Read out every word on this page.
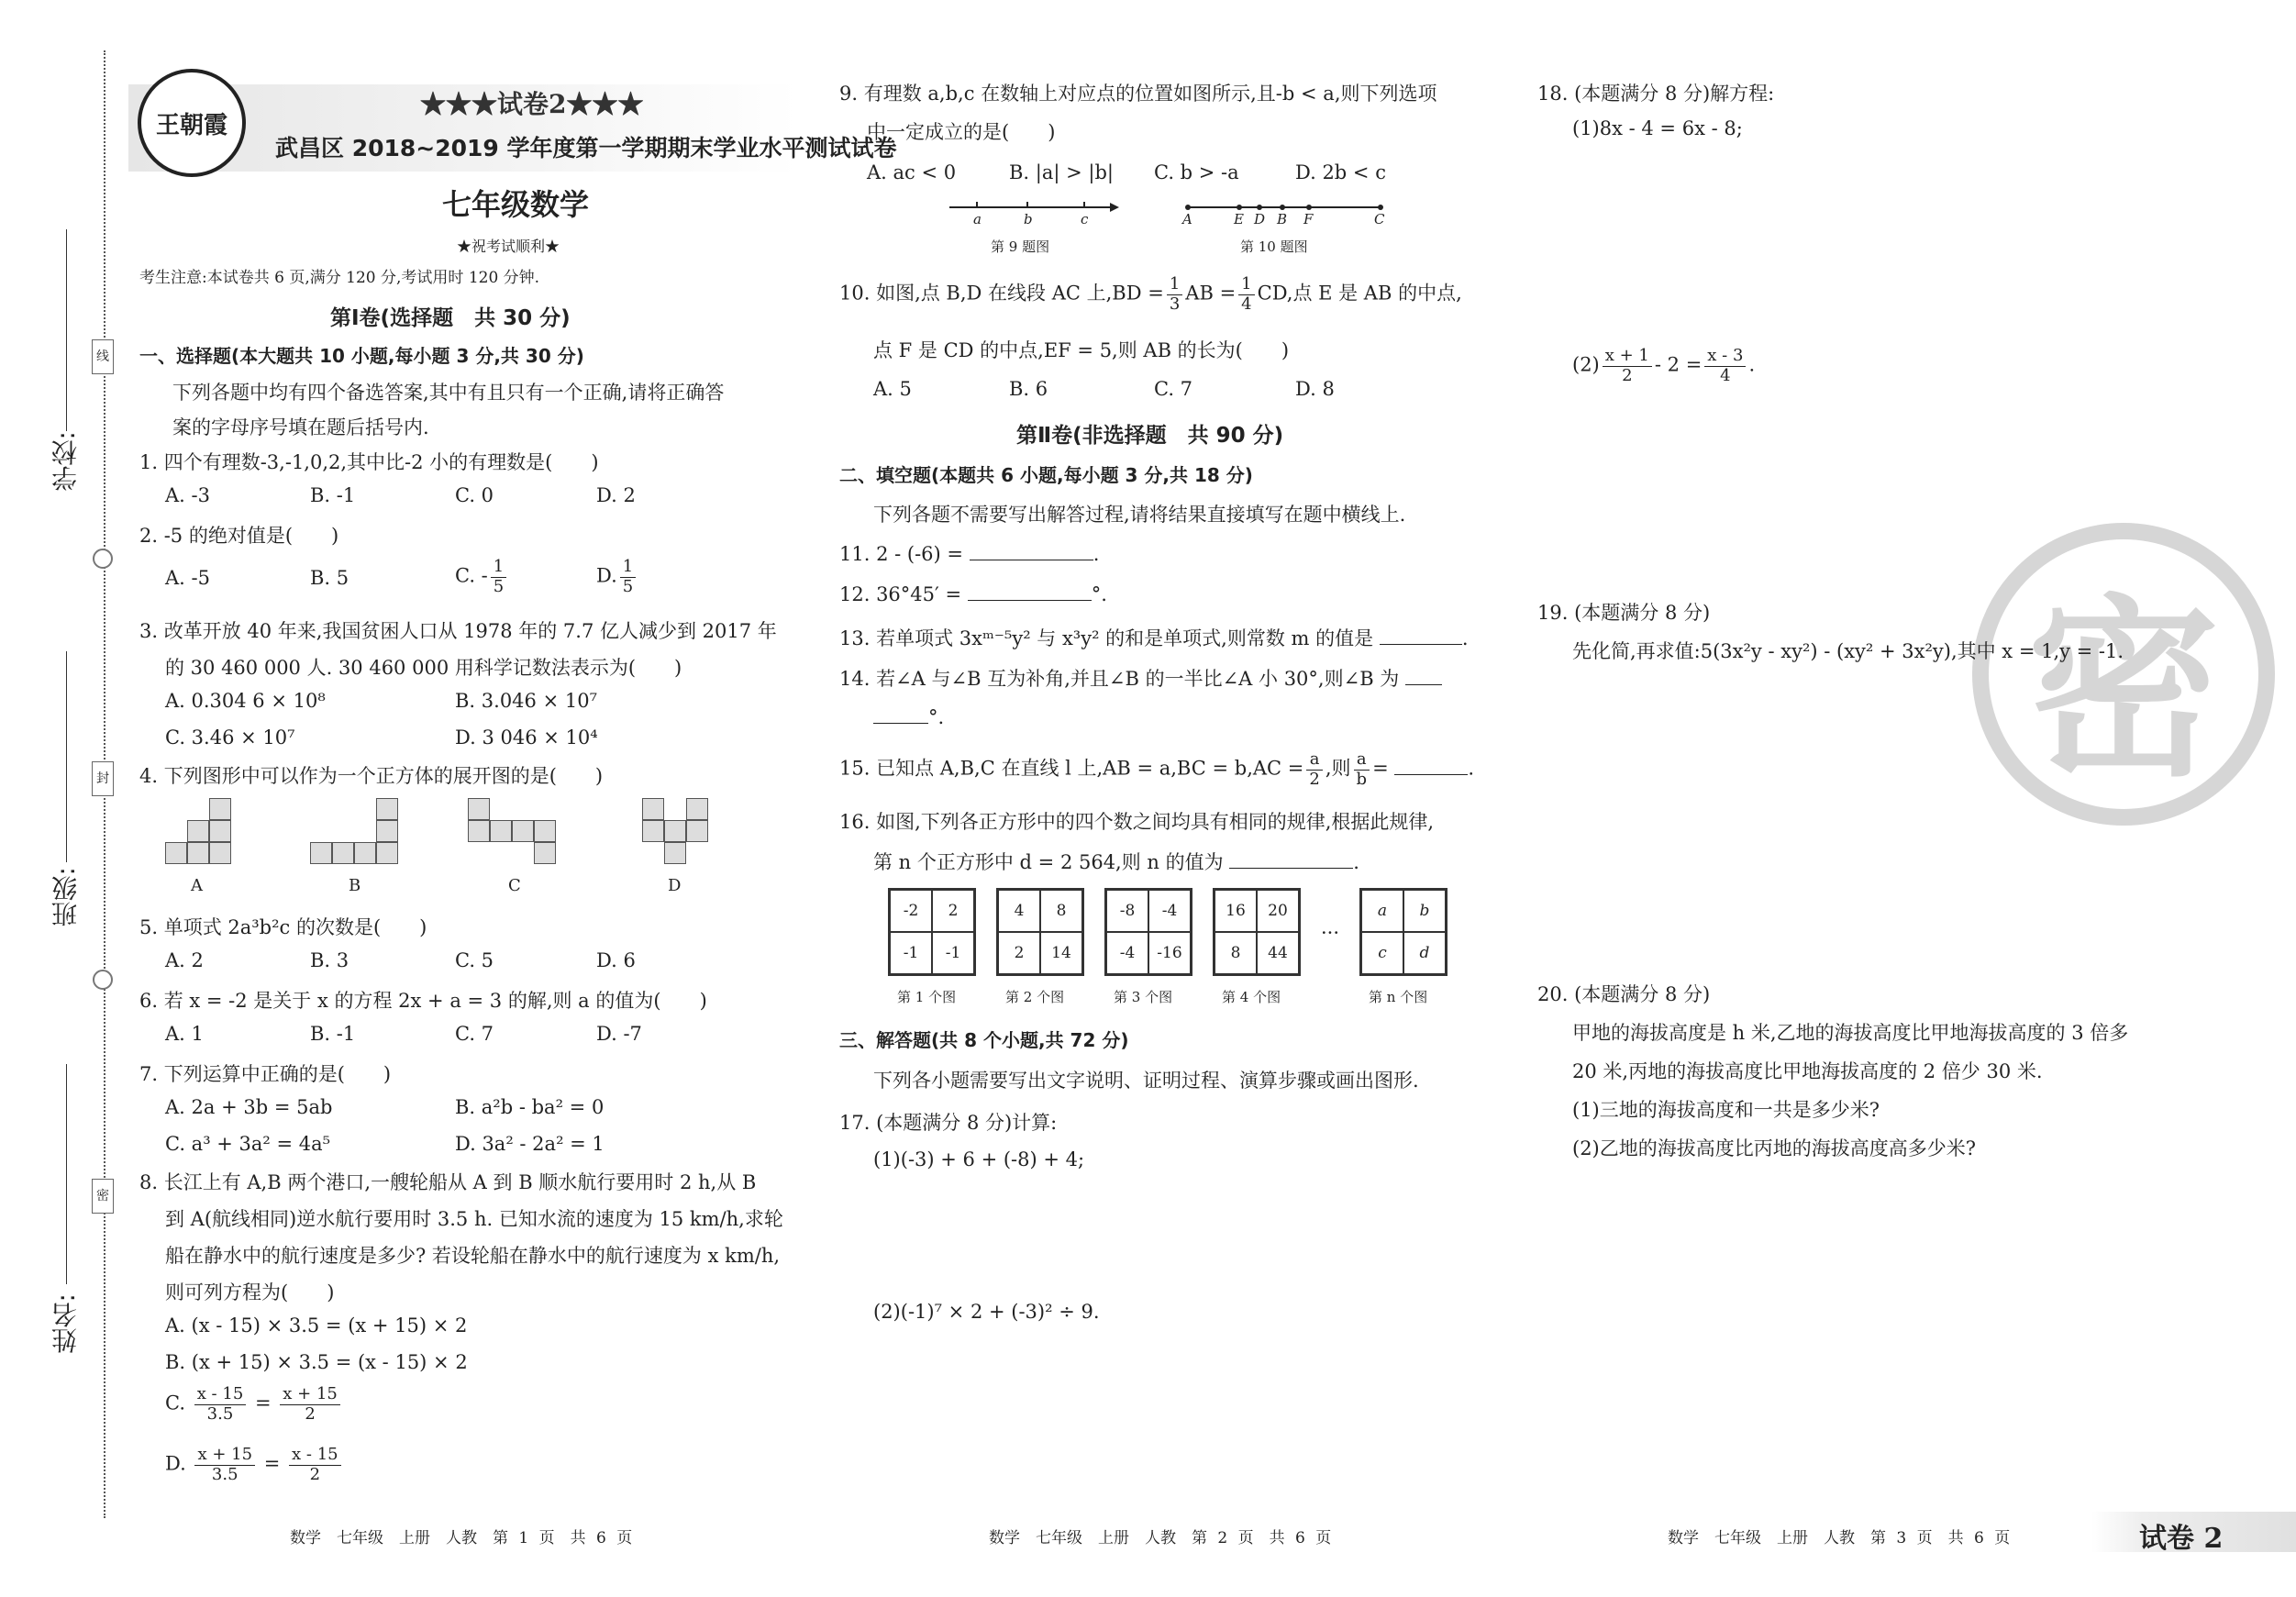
线
封
密
学校:
班级:
姓名:
王朝霞
★★★试卷2★★★
武昌区 2018~2019 学年度第一学期期末学业水平测试试卷
七年级数学
★祝考试顺利★
考生注意:本试卷共 6 页,满分 120 分,考试用时 120 分钟.
第Ⅰ卷(选择题　共 30 分)
一、选择题(本大题共 10 小题,每小题 3 分,共 30 分)
下列各题中均有四个备选答案,其中有且只有一个正确,请将正确答
案的字母序号填在题后括号内.
1. 四个有理数-3,-1,0,2,其中比-2 小的有理数是(　　)
A. -3	B. -1	C. 0	D. 2
2. -5 的绝对值是(　　)
A. -5	B. 5	C. - $\frac{1}{5}$	D. $\frac{1}{5}$
3. 改革开放 40 年来,我国贫困人口从 1978 年的 7.7 亿人减少到 2017 年
的 30 460 000 人. 30 460 000 用科学记数法表示为(　　)
A. 0.304 6 × 10⁸	B. 3.046 × 10⁷
C. 3.46 × 10⁷	D. 3 046 × 10⁴
4. 下列图形中可以作为一个正方体的展开图的是(　　)
A	B	C	D
5. 单项式 2a³b²c 的次数是(　　)
A. 2	B. 3	C. 5	D. 6
6. 若 x = -2 是关于 x 的方程 2x + a = 3 的解,则 a 的值为(　　)
A. 1	B. -1	C. 7	D. -7
7. 下列运算中正确的是(　　)
A. 2a + 3b = 5ab	B. a²b - ba² = 0
C. a³ + 3a² = 4a⁵	D. 3a² - 2a² = 1
8. 长江上有 A,B 两个港口,一艘轮船从 A 到 B 顺水航行要用时 2 h,从 B
到 A(航线相同)逆水航行要用时 3.5 h. 已知水流的速度为 15 km/h,求轮
船在静水中的航行速度是多少? 若设轮船在静水中的航行速度为 x km/h,
则可列方程为(　　)
A. (x - 15) × 3.5 = (x + 15) × 2
B. (x + 15) × 3.5 = (x - 15) × 2
C. $\frac{x - 15}{3.5} = \frac{x + 15}{2}$
D. $\frac{x + 15}{3.5} = \frac{x - 15}{2}$
9. 有理数 a,b,c 在数轴上对应点的位置如图所示,且-b < a,则下列选项
中一定成立的是(　　)
A. ac < 0	B. |a| > |b| C. b > -a	D. 2b < c
a	b	c
第 9 题图
A	E D B F	C
第 10 题图
10. 如图,点 B,D 在线段 AC 上$,BD = \frac{1}{3}$ AB = $\frac{1}{4}$ CD,点 E 是 AB 的中点,
点 F 是 CD 的中点,EF = 5,则 AB 的长为(　　)
A. 5	B. 6	C. 7	D. 8
第Ⅱ卷(非选择题　共 90 分)
二、填空题(本题共 6 小题,每小题 3 分,共 18 分)
下列各题不需要写出解答过程,请将结果直接填写在题中横线上.
11. 2 - (-6) =	.
12. 36°45′ =	°.
13. 若单项式 3xᵐ⁻⁵y² 与 x³y² 的和是单项式,则常数 m 的值是	.
14. 若∠A 与∠B 互为补角,并且∠B 的一半比∠A 小 30°,则∠B 为
°.
15. 已知点 A,B,C 在直线 l 上$,AB = a,BC = b,AC = \frac{a}{2}$ ,则 $\frac{a}{b}$ =	.
16. 如图,下列各正方形中的四个数之间均具有相同的规律,根据此规律,
第 n 个正方形中 d = 2 564,则 n 的值为	.
-2	2
-1	-1
第 1 个图
4	8
2	14
第 2 个图
-8	-4
-4	-16
第 3 个图
16	20
8	44
第 4 个图
···
a	b
c	d
第 n 个图
三、解答题(共 8 个小题,共 72 分)
下列各小题需要写出文字说明、证明过程、演算步骤或画出图形.
17. (本题满分 8 分)计算:
(1)(-3) + 6 + (-8) + 4;
(2)(-1)⁷ × 2 + (-3)² ÷ 9.
密
18. (本题满分 8 分)解方程:
(1)8x - 4 = 6x - 8;
$(2) \frac{x + 1}{2} - 2 = \frac{x - 3}{4}$ .
19. (本题满分 8 分)
先化简,再求值:5(3x²y - xy²) - (xy² + 3x²y),其中 x = 1,y = -1.
20. (本题满分 8 分)
甲地的海拔高度是 h 米,乙地的海拔高度比甲地海拔高度的 3 倍多
20 米,丙地的海拔高度比甲地海拔高度的 2 倍少 30 米.
(1)三地的海拔高度和一共是多少米?
(2)乙地的海拔高度比丙地的海拔高度高多少米?
数学　七年级　上册　人教　第 1 页　共 6 页	数学　七年级　上册　人教　第 2 页　共 6 页	数学　七年级　上册　人教　第 3 页　共 6 页	试卷 2
